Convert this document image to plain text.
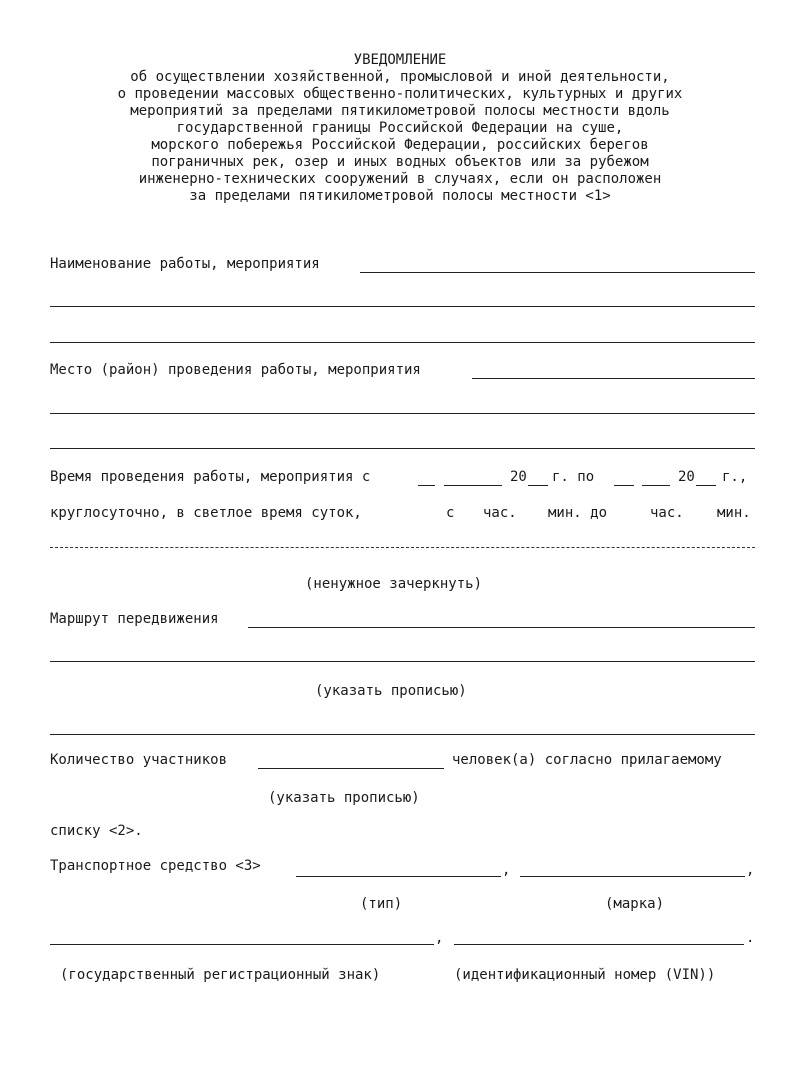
УВЕДОМЛЕНИЕ
об осуществлении хозяйственной, промысловой и иной деятельности,
о проведении массовых общественно-политических, культурных и других
мероприятий за пределами пятикилометровой полосы местности вдоль
государственной границы Российской Федерации на суше,
морского побережья Российской Федерации, российских берегов
пограничных рек, озер и иных водных объектов или за рубежом
инженерно-технических сооружений в случаях, если он расположен
за пределами пятикилометровой полосы местности <1>
Наименование работы, мероприятия
Место (район) проведения работы, мероприятия
Время проведения работы, мероприятия с	20 г. по	20 г.,
круглосуточно, в светлое время суток,	с час. мин. до	час. мин.
(ненужное зачеркнуть)
Маршрут передвижения
(указать прописью)
Количество участников	человек(а) согласно прилагаемому
(указать прописью)
списку <2>.
Транспортное средство <3>	,	,
(тип)	(марка)
,	.
(государственный регистрационный знак)	(идентификационный номер (VIN))
